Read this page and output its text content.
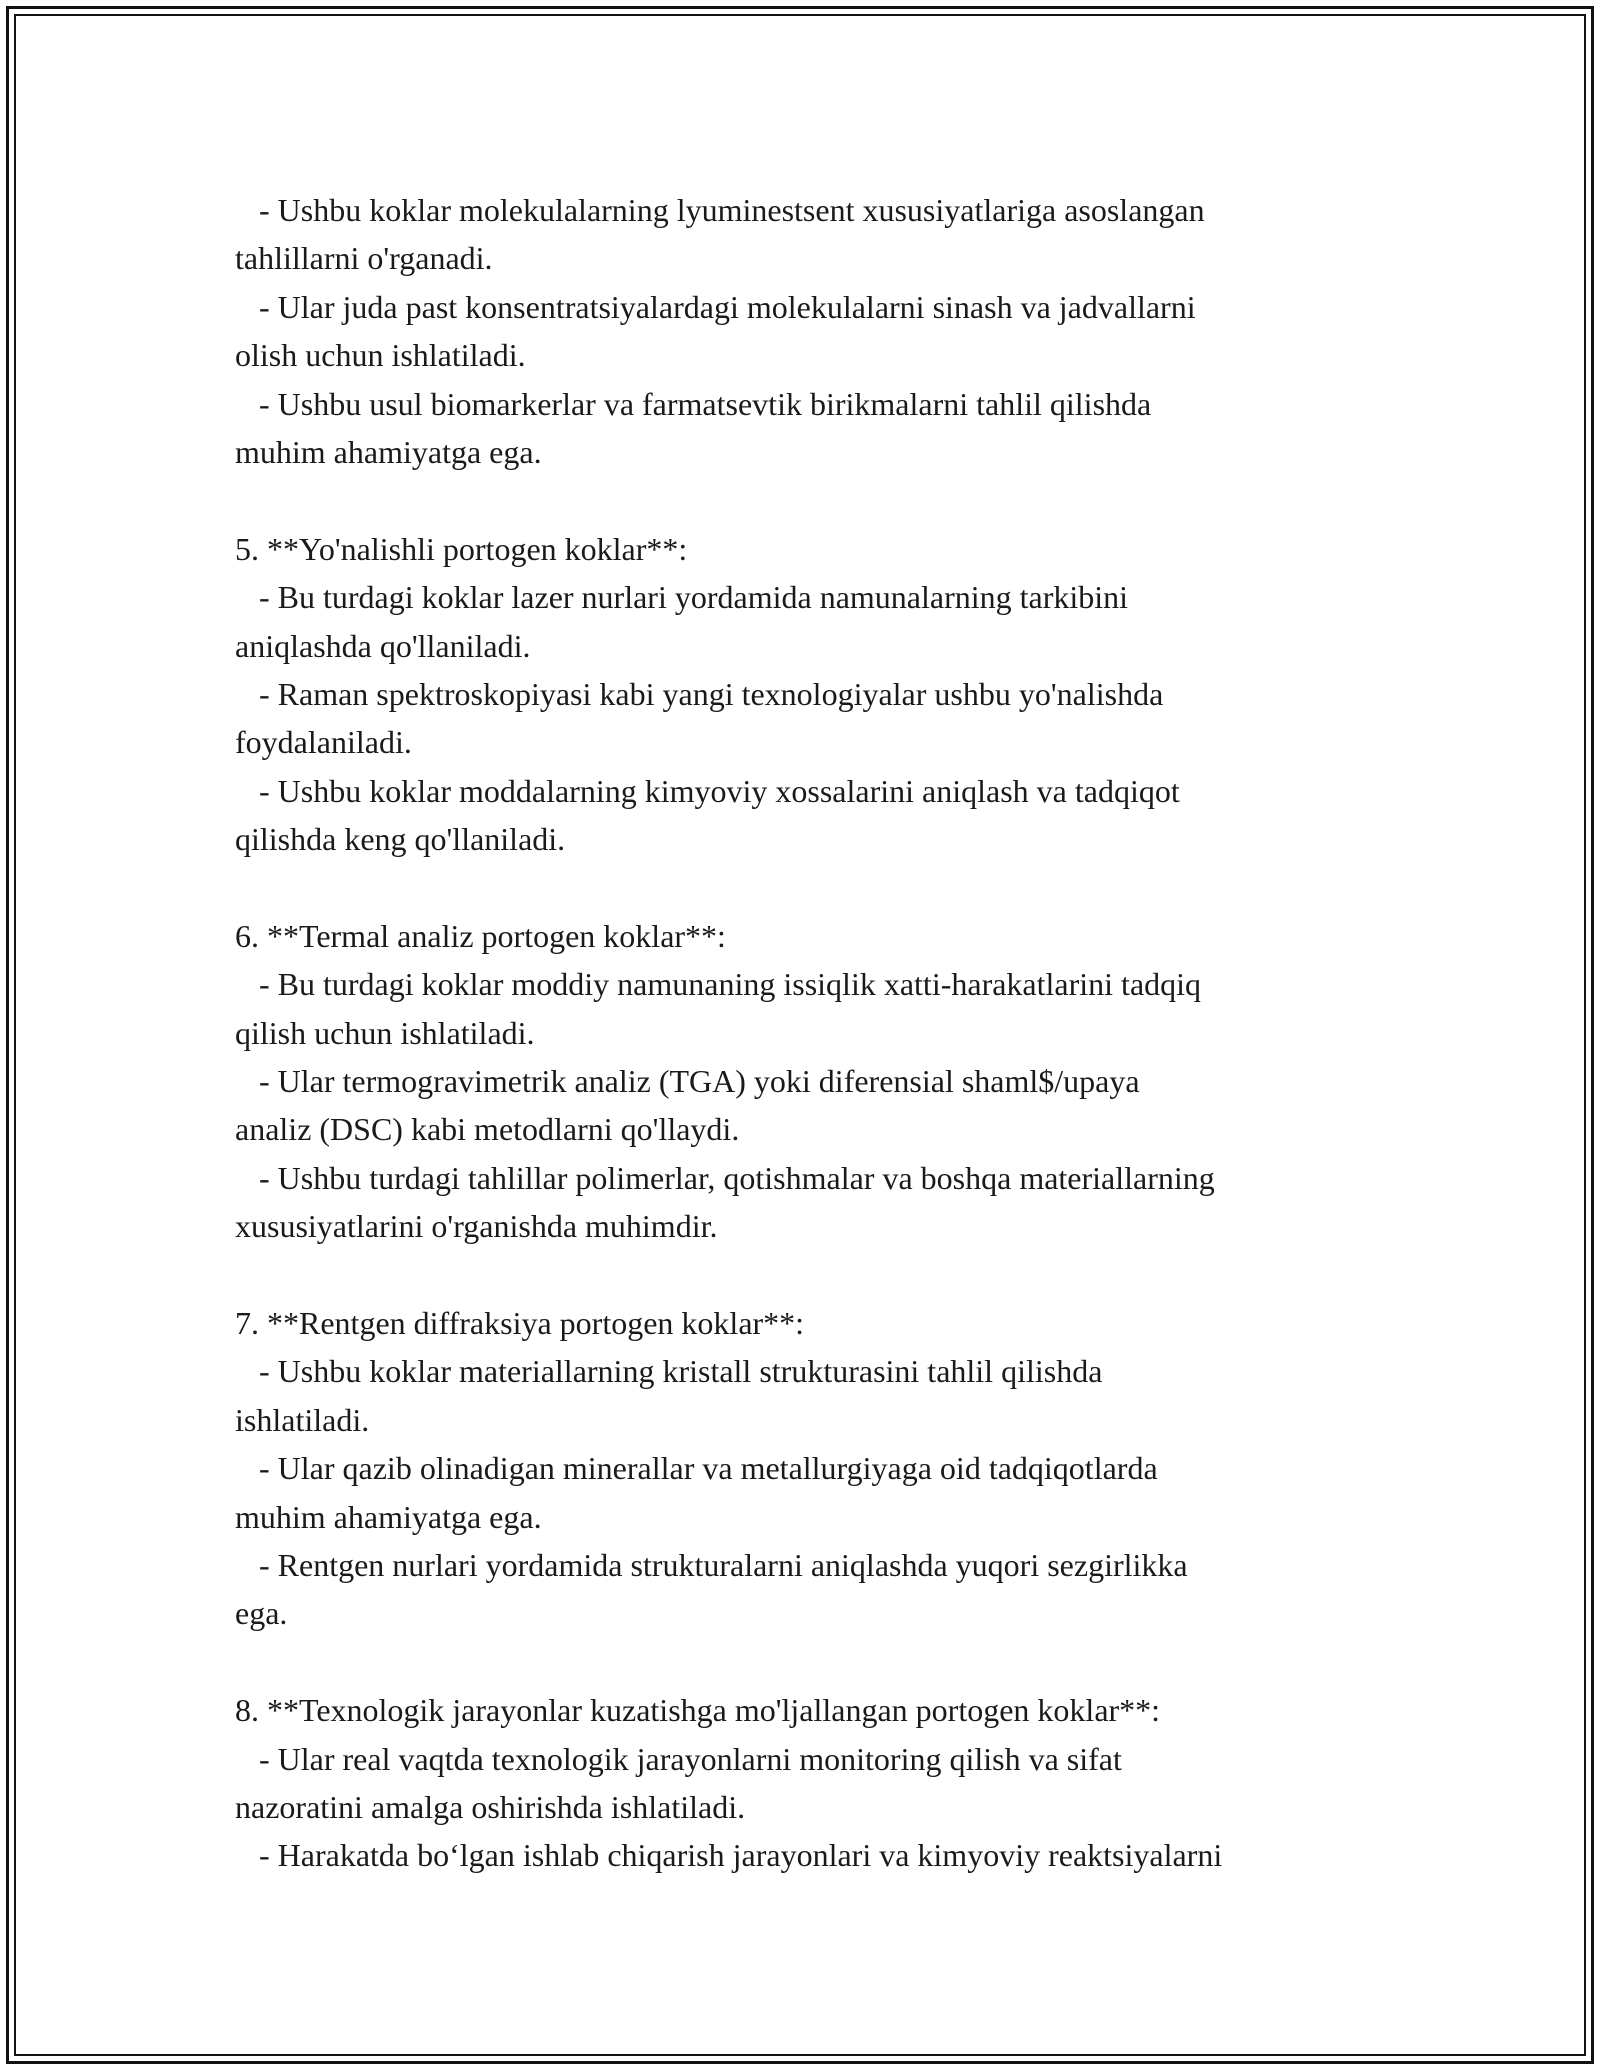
- Ushbu koklar molekulalarning lyuminestsent xususiyatlariga asoslangan
tahlillarni o'rganadi.
- Ular juda past konsentratsiyalardagi molekulalarni sinash va jadvallarni
olish uchun ishlatiladi.
- Ushbu usul biomarkerlar va farmatsevtik birikmalarni tahlil qilishda
muhim ahamiyatga ega.
5. **Yo'nalishli portogen koklar**:
- Bu turdagi koklar lazer nurlari yordamida namunalarning tarkibini
aniqlashda qo'llaniladi.
- Raman spektroskopiyasi kabi yangi texnologiyalar ushbu yo'nalishda
foydalaniladi.
- Ushbu koklar moddalarning kimyoviy xossalarini aniqlash va tadqiqot
qilishda keng qo'llaniladi.
6. **Termal analiz portogen koklar**:
- Bu turdagi koklar moddiy namunaning issiqlik xatti-harakatlarini tadqiq
qilish uchun ishlatiladi.
- Ular termogravimetrik analiz (TGA) yoki diferensial shaml$/upaya
analiz (DSC) kabi metodlarni qo'llaydi.
- Ushbu turdagi tahlillar polimerlar, qotishmalar va boshqa materiallarning
xususiyatlarini o'rganishda muhimdir.
7. **Rentgen diffraksiya portogen koklar**:
- Ushbu koklar materiallarning kristall strukturasini tahlil qilishda
ishlatiladi.
- Ular qazib olinadigan minerallar va metallurgiyaga oid tadqiqotlarda
muhim ahamiyatga ega.
- Rentgen nurlari yordamida strukturalarni aniqlashda yuqori sezgirlikka
ega.
8. **Texnologik jarayonlar kuzatishga mo'ljallangan portogen koklar**:
- Ular real vaqtda texnologik jarayonlarni monitoring qilish va sifat
nazoratini amalga oshirishda ishlatiladi.
- Harakatda bo‘lgan ishlab chiqarish jarayonlari va kimyoviy reaktsiyalarni
